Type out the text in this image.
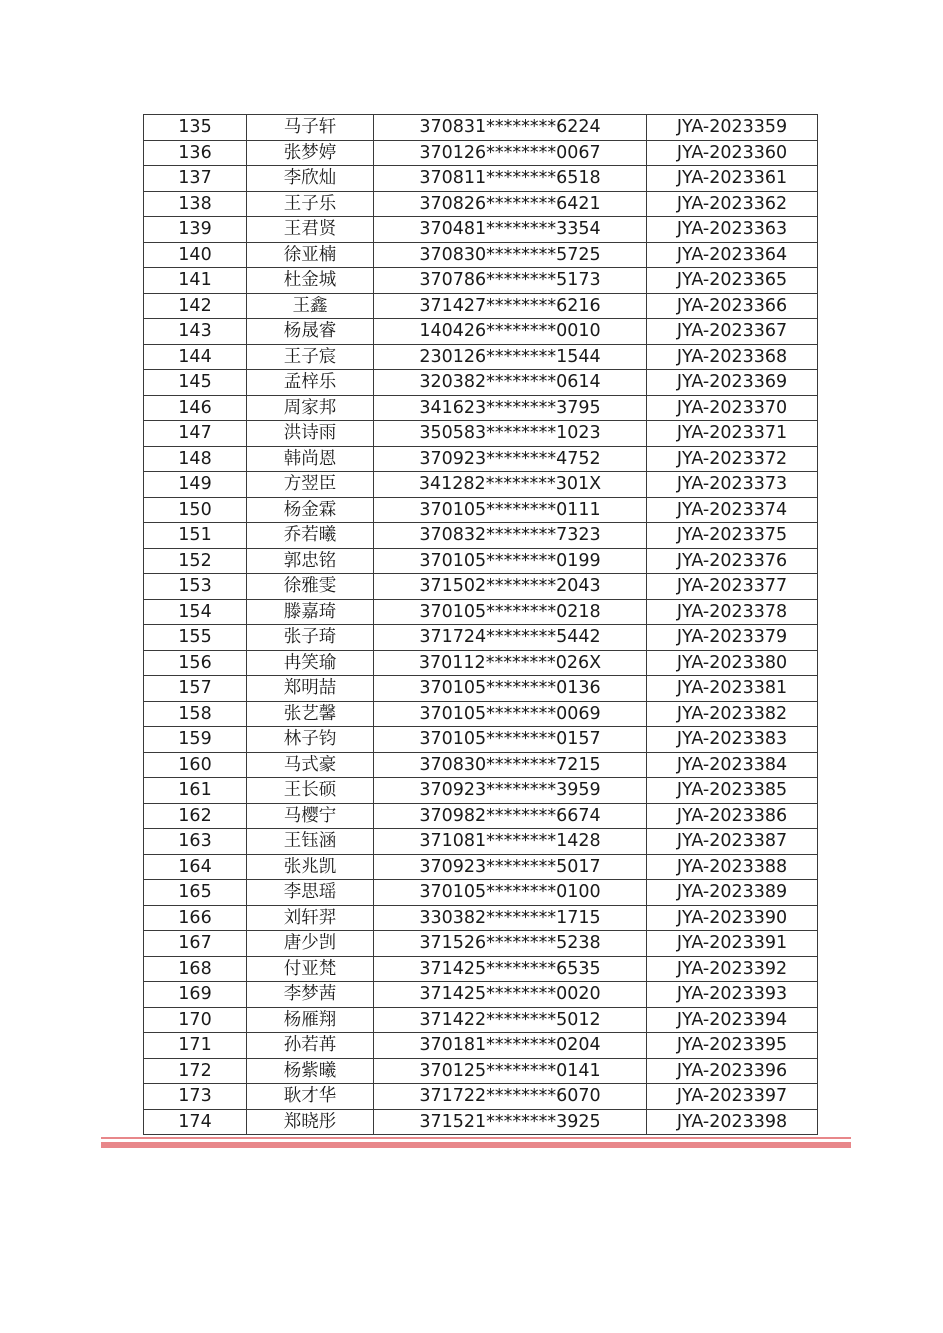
135	马子轩	370831********6224	JYA-2023359
136	张梦婷	370126********0067	JYA-2023360
137	李欣灿	370811********6518	JYA-2023361
138	王子乐	370826********6421	JYA-2023362
139	王君贤	370481********3354	JYA-2023363
140	徐亚楠	370830********5725	JYA-2023364
141	杜金城	370786********5173	JYA-2023365
142	王鑫	371427********6216	JYA-2023366
143	杨晟睿	140426********0010	JYA-2023367
144	王子宸	230126********1544	JYA-2023368
145	孟梓乐	320382********0614	JYA-2023369
146	周家邦	341623********3795	JYA-2023370
147	洪诗雨	350583********1023	JYA-2023371
148	韩尚恩	370923********4752	JYA-2023372
149	方翌臣	341282********301X	JYA-2023373
150	杨金霖	370105********0111	JYA-2023374
151	乔若曦	370832********7323	JYA-2023375
152	郭忠铭	370105********0199	JYA-2023376
153	徐雅雯	371502********2043	JYA-2023377
154	滕嘉琦	370105********0218	JYA-2023378
155	张子琦	371724********5442	JYA-2023379
156	冉笑瑜	370112********026X	JYA-2023380
157	郑明喆	370105********0136	JYA-2023381
158	张艺馨	370105********0069	JYA-2023382
159	林子钧	370105********0157	JYA-2023383
160	马式豪	370830********7215	JYA-2023384
161	王长硕	370923********3959	JYA-2023385
162	马樱宁	370982********6674	JYA-2023386
163	王钰涵	371081********1428	JYA-2023387
164	张兆凯	370923********5017	JYA-2023388
165	李思瑶	370105********0100	JYA-2023389
166	刘轩羿	330382********1715	JYA-2023390
167	唐少剀	371526********5238	JYA-2023391
168	付亚梵	371425********6535	JYA-2023392
169	李梦茜	371425********0020	JYA-2023393
170	杨雁翔	371422********5012	JYA-2023394
171	孙若苒	370181********0204	JYA-2023395
172	杨紫曦	370125********0141	JYA-2023396
173	耿才华	371722********6070	JYA-2023397
174	郑晓彤	371521********3925	JYA-2023398
